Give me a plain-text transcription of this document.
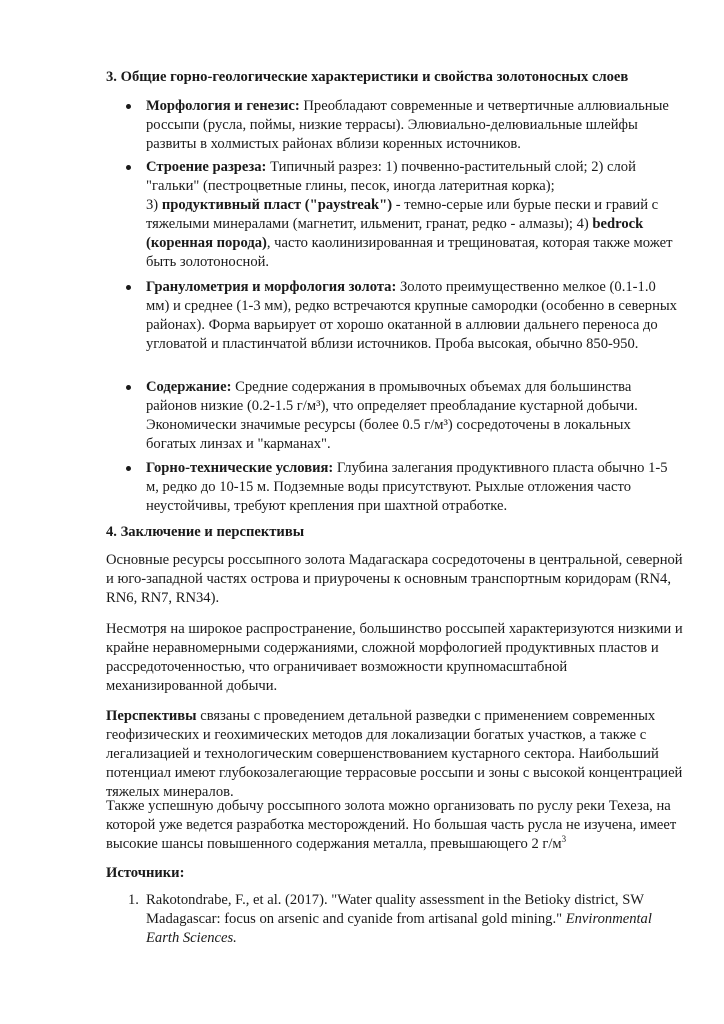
3. Общие горно-геологические характеристики и свойства золотоносных слоев

Морфология и генезис: Преобладают современные и четвертичные аллювиальные россыпи (русла, поймы, низкие террасы). Элювиально-делювиальные шлейфы развиты в холмистых районах вблизи коренных источников.

Строение разреза: Типичный разрез: 1) почвенно-растительный слой; 2) слой "гальки" (пестроцветные глины, песок, иногда латеритная корка);
3) продуктивный пласт ("paystreak") - темно-серые или бурые пески и гравий с тяжелыми минералами (магнетит, ильменит, гранат, редко - алмазы); 4) bedrock (коренная порода), часто каолинизированная и трещиноватая, которая также может быть золотоносной.

Гранулометрия и морфология золота: Золото преимущественно мелкое (0.1-1.0 мм) и среднее (1-3 мм), редко встречаются крупные самородки (особенно в северных районах). Форма варьирует от хорошо окатанной в аллювии дальнего переноса до угловатой и пластинчатой вблизи источников. Проба высокая, обычно 850-950.

Содержание: Средние содержания в промывочных объемах для большинства районов низкие (0.2-1.5 г/м³), что определяет преобладание кустарной добычи. Экономически значимые ресурсы (более 0.5 г/м³) сосредоточены в локальных богатых линзах и "карманах".

Горно-технические условия: Глубина залегания продуктивного пласта обычно 1-5 м, редко до 10-15 м. Подземные воды присутствуют. Рыхлые отложения часто неустойчивы, требуют крепления при шахтной отработке.

4. Заключение и перспективы

Основные ресурсы россыпного золота Мадагаскара сосредоточены в центральной, северной и юго-западной частях острова и приурочены к основным транспортным коридорам (RN4, RN6, RN7, RN34).

Несмотря на широкое распространение, большинство россыпей характеризуются низкими и крайне неравномерными содержаниями, сложной морфологией продуктивных пластов и рассредоточенностью, что ограничивает возможности крупномасштабной механизированной добычи.

Перспективы связаны с проведением детальной разведки с применением современных геофизических и геохимических методов для локализации богатых участков, а также с легализацией и технологическим совершенствованием кустарного сектора. Наибольший потенциал имеют глубокозалегающие террасовые россыпи и зоны с высокой концентрацией тяжелых минералов.

Также успешную добычу россыпного золота можно организовать по руслу реки Техеза, на которой уже ведется разработка месторождений. Но большая часть русла не изучена, имеет высокие шансы повышенного содержания металла, превышающего 2 $г/м^3$

Источники:
1. Rakotondrabe, F., et al. (2017). "Water quality assessment in the Betioky district, SW Madagascar: focus on arsenic and cyanide from artisanal gold mining." Environmental Earth Sciences.
